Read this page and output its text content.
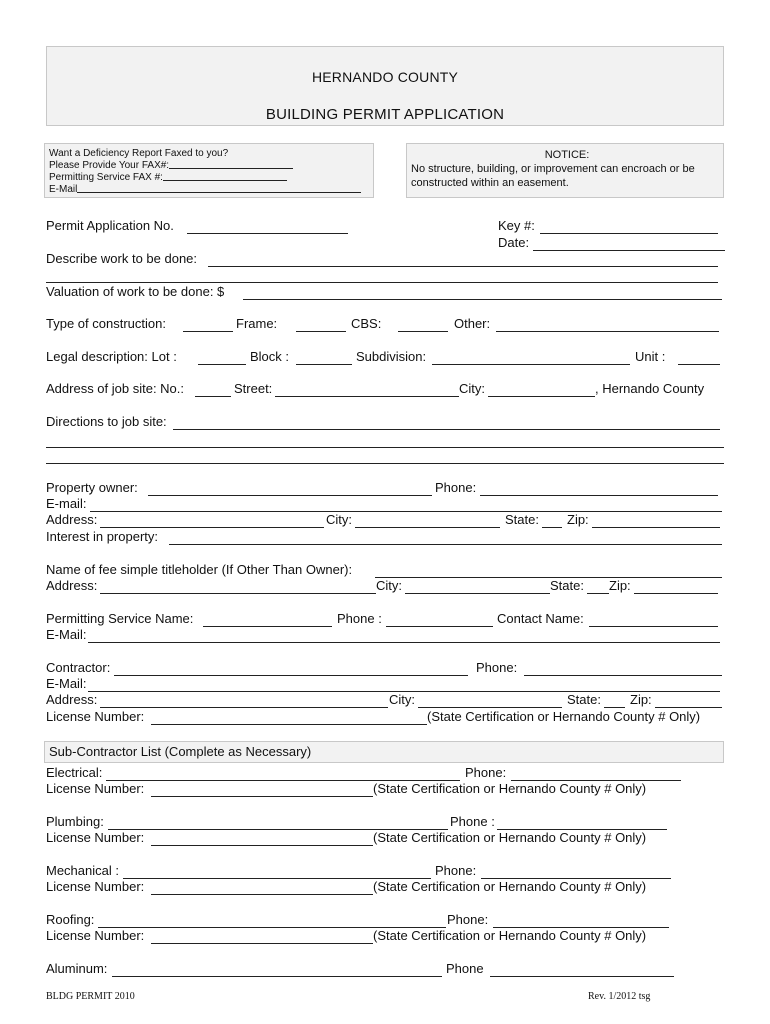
HERNANDO COUNTY
BUILDING PERMIT APPLICATION
Want a Deficiency Report Faxed to you?
Please Provide Your FAX#:
Permitting Service FAX #:
E-Mail
NOTICE:
No structure, building, or improvement can encroach or be
constructed within an easement.
Permit Application No.	Key #:
Date:
Describe work to be done:
Valuation of work to be done: $
Type of construction:	Frame:	CBS:	Other:
Legal description: Lot :	Block :	Subdivision:	Unit :
Address of job site: No.:	Street:	City:	, Hernando County
Directions to job site:
Property owner:	Phone:
E-mail:
Address:	City:	State: Zip:
Interest in property:
Name of fee simple titleholder (If Other Than Owner):
Address:	City:	State: Zip:
Permitting Service Name:	Phone :	Contact Name:
E-Mail:
Contractor:	Phone:
E-Mail:
Address:	City:	State: Zip:
License Number:	(State Certification or Hernando County # Only)
Sub-Contractor List (Complete as Necessary)
Electrical:	Phone:
License Number:	(State Certification or Hernando County # Only)
Plumbing:	Phone :
License Number:	(State Certification or Hernando County # Only)
Mechanical :	Phone:
License Number:	(State Certification or Hernando County # Only)
Roofing:	Phone:
License Number:	(State Certification or Hernando County # Only)
Aluminum:	Phone
BLDG PERMIT 2010	Rev. 1/2012 tsg
